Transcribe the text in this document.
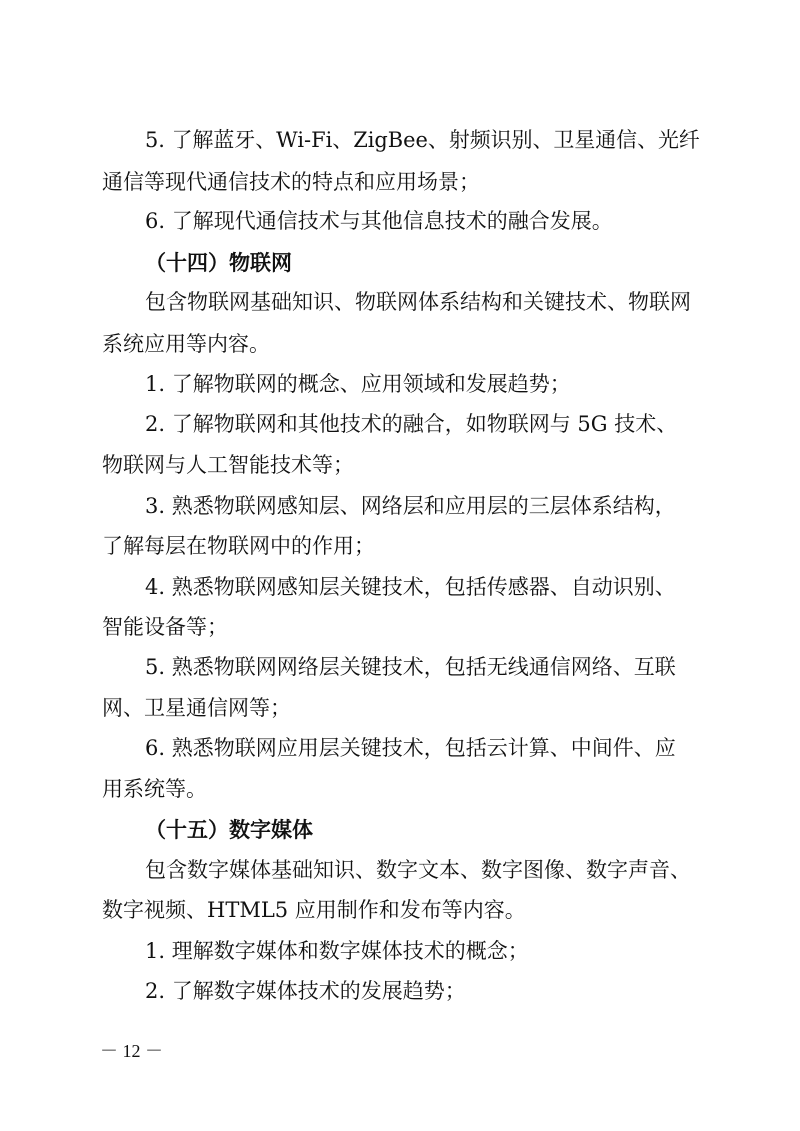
5. 了解蓝牙、Wi-Fi、ZigBee、射频识别、卫星通信、光纤
通信等现代通信技术的特点和应用场景；
6. 了解现代通信技术与其他信息技术的融合发展。
（十四）物联网
包含物联网基础知识、物联网体系结构和关键技术、物联网
系统应用等内容。
1. 了解物联网的概念、应用领域和发展趋势；
2. 了解物联网和其他技术的融合，如物联网与 5G 技术、
物联网与人工智能技术等；
3. 熟悉物联网感知层、网络层和应用层的三层体系结构，
了解每层在物联网中的作用；
4. 熟悉物联网感知层关键技术，包括传感器、自动识别、
智能设备等；
5. 熟悉物联网网络层关键技术，包括无线通信网络、互联
网、卫星通信网等；
6. 熟悉物联网应用层关键技术，包括云计算、中间件、应
用系统等。
（十五）数字媒体
包含数字媒体基础知识、数字文本、数字图像、数字声音、
数字视频、HTML5 应用制作和发布等内容。
1. 理解数字媒体和数字媒体技术的概念；
2. 了解数字媒体技术的发展趋势；
－ 12 －
